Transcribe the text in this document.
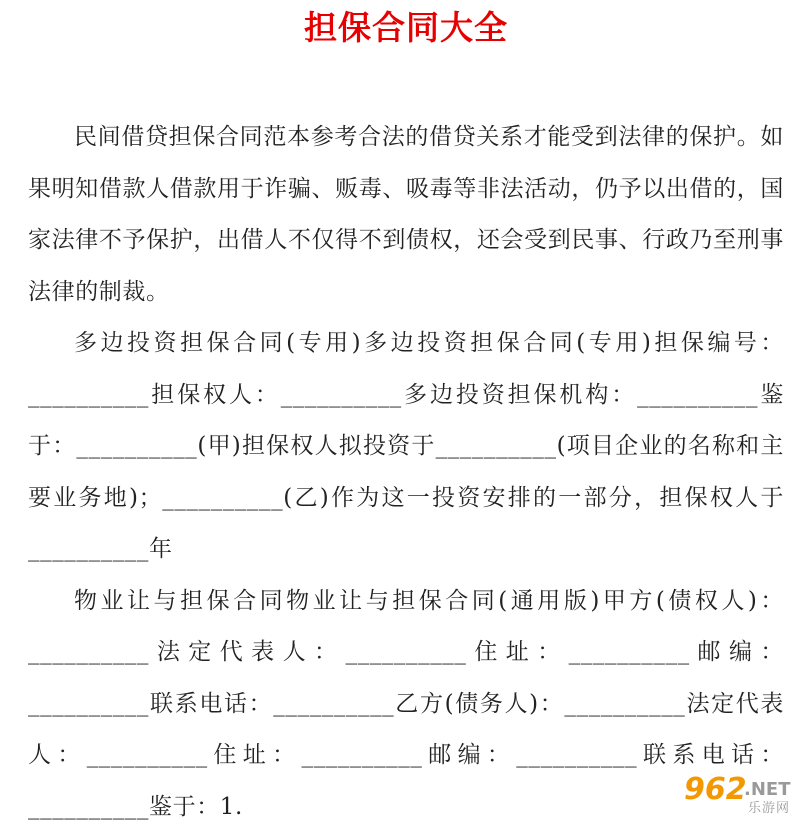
担保合同大全

民间借贷担保合同范本参考合法的借贷关系才能受到法律的保护。如果明知借款人借款用于诈骗、贩毒、吸毒等非法活动，仍予以出借的，国家法律不予保护，出借人不仅得不到债权，还会受到民事、行政乃至刑事法律的制裁。

多边投资担保合同(专用)多边投资担保合同(专用)担保编号：__________担保权人：__________多边投资担保机构：__________鉴于：__________(甲)担保权人拟投资于__________(项目企业的名称和主要业务地)；__________(乙)作为这一投资安排的一部分，担保权人于__________年

物业让与担保合同物业让与担保合同(通用版)甲方(债权人)：__________法定代表人：__________住址：__________邮编：__________联系电话：__________乙方(债务人)：__________法定代表人：__________住址：__________邮编：__________联系电话：__________鉴于：1.	962
.NET
乐游网
